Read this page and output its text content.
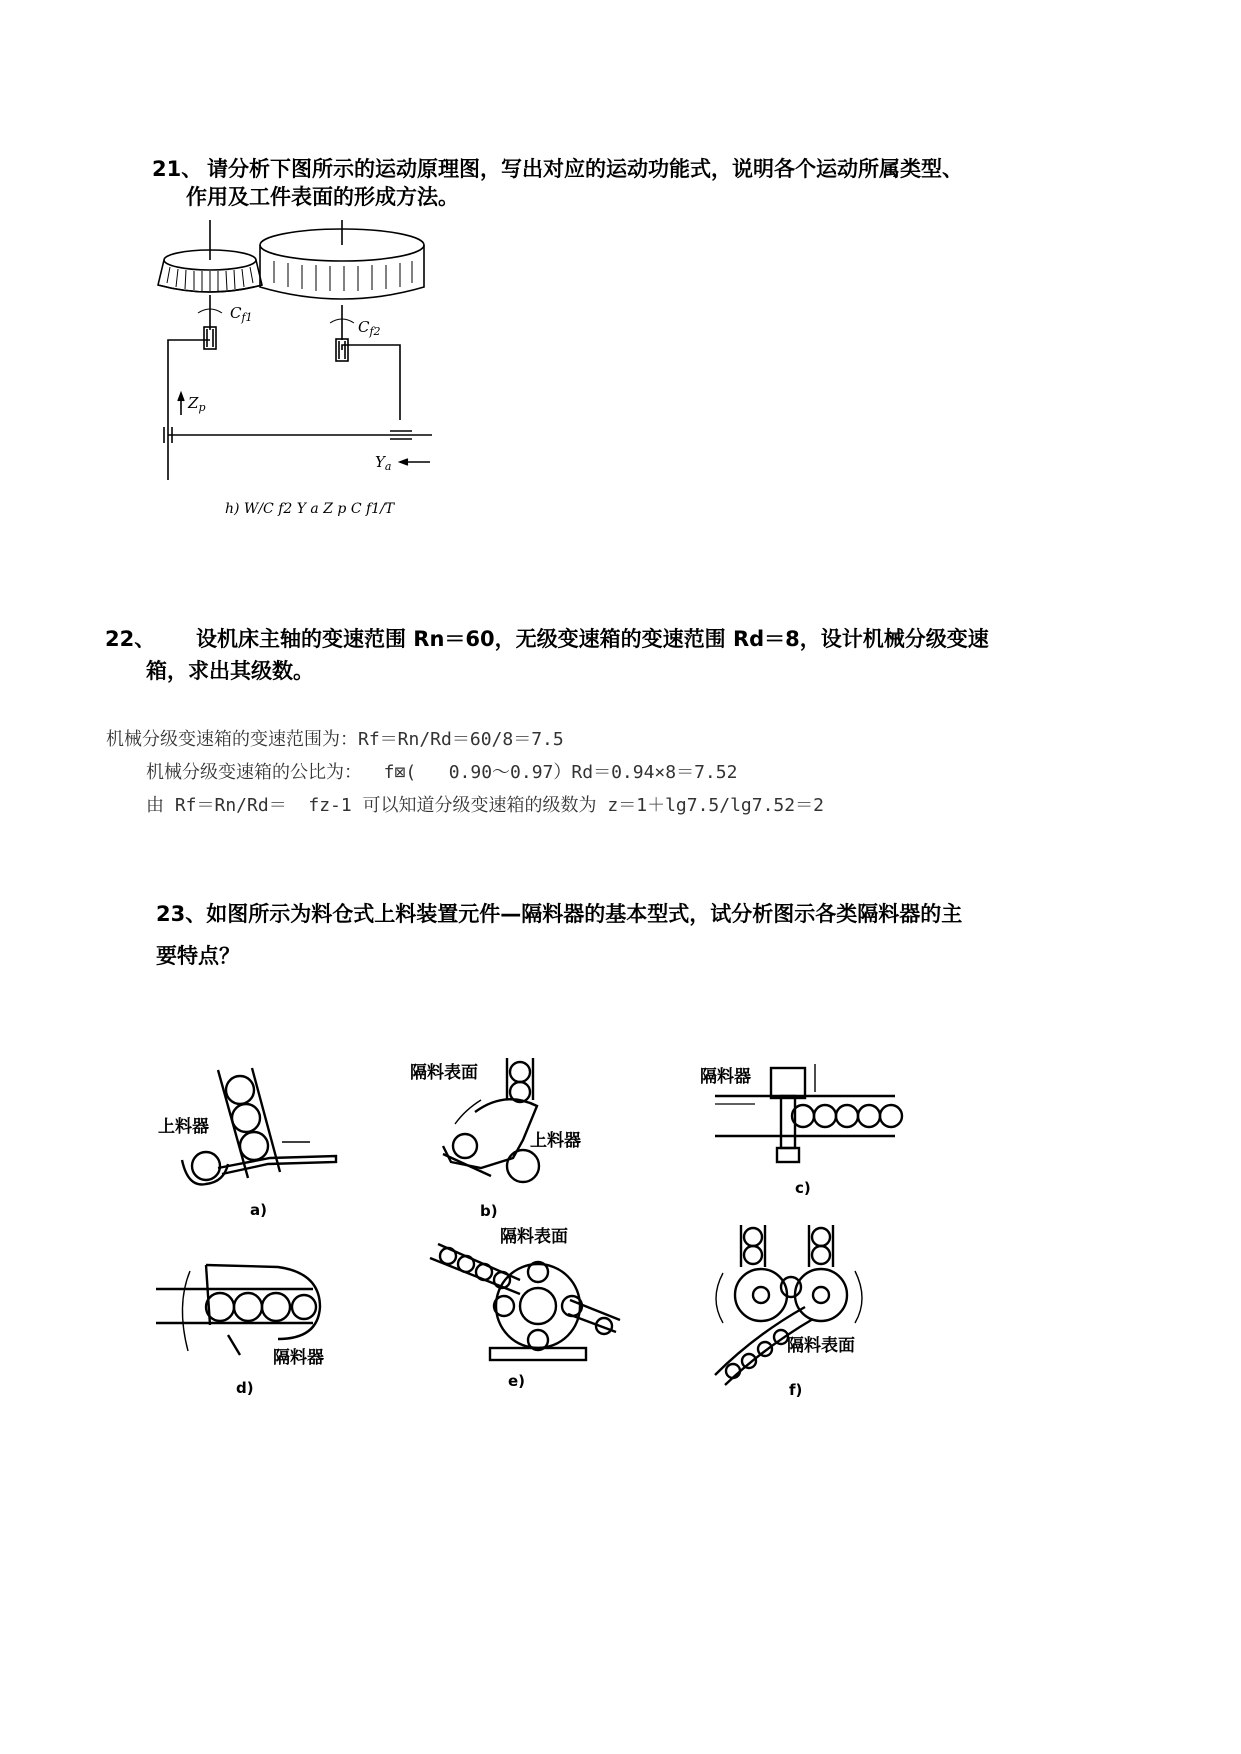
21、 请分析下图所示的运动原理图，写出对应的运动功能式，说明各个运动所属类型、
作用及工件表面的形成方法。
$C_{f1}$
$C_{f2}$
$Z_p$
$Y_a$
h) W/C f2 Y a Z p C f1/T
22、 设机床主轴的变速范围 Rn＝60，无级变速箱的变速范围 Rd＝8，设计机械分级变速
箱，求出其级数。
机械分级变速箱的变速范围为：Rf＝Rn/Rd＝60/8＝7.5
机械分级变速箱的公比为：  f⊠(   0.90～0.97）Rd＝0.94×8＝7.52
由 Rf＝Rn/Rd＝  fz-1 可以知道分级变速箱的级数为 z＝1＋lg7.5/lg7.52＝2
23、如图所示为料仓式上料装置元件—隔料器的基本型式，试分析图示各类隔料器的主
要特点？
上料器
a)
隔料表面
上料器
b)
隔料器
c)
隔料器
d)
隔料表面
e)
隔料表面
f)
